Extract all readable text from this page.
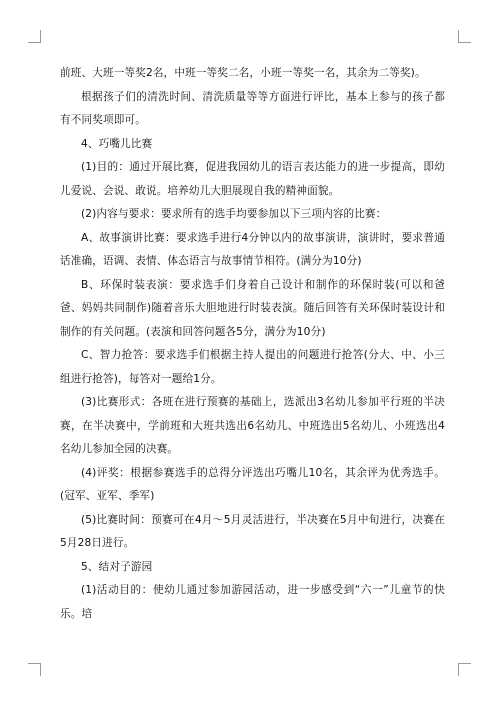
前班、大班一等奖2名，中班一等奖二名，小班一等奖一名，其余为二等奖)。

根据孩子们的清洗时间、清洗质量等等方面进行评比，基本上参与的孩子都有不同奖项即可。

4、巧嘴儿比赛

(1)目的：通过开展比赛，促进我园幼儿的语言表达能力的进一步提高，即幼儿爱说、会说、敢说。培养幼儿大胆展现自我的精神面貌。

(2)内容与要求：要求所有的选手均要参加以下三项内容的比赛：

A、故事演讲比赛：要求选手进行4分钟以内的故事演讲，演讲时，要求普通话准确，语调、表情、体态语言与故事情节相符。(满分为10分)

B、环保时装表演：要求选手们身着自己设计和制作的环保时装(可以和爸爸、妈妈共同制作)随着音乐大胆地进行时装表演。随后回答有关环保时装设计和制作的有关问题。(表演和回答问题各5分，满分为10分)

C、智力抢答：要求选手们根据主持人提出的问题进行抢答(分大、中、小三组进行抢答)，每答对一题给1分。

(3)比赛形式：各班在进行预赛的基础上，选派出3名幼儿参加平行班的半决赛，在半决赛中，学前班和大班共选出6名幼儿、中班选出5名幼儿、小班选出4名幼儿参加全园的决赛。

(4)评奖：根据参赛选手的总得分评选出巧嘴儿10名，其余评为优秀选手。(冠军、亚军、季军)

(5)比赛时间：预赛可在4月～5月灵活进行，半决赛在5月中旬进行，决赛在5月28日进行。

5、结对子游园

(1)活动目的：使幼儿通过参加游园活动，进一步感受到“六一”儿童节的快乐。培
